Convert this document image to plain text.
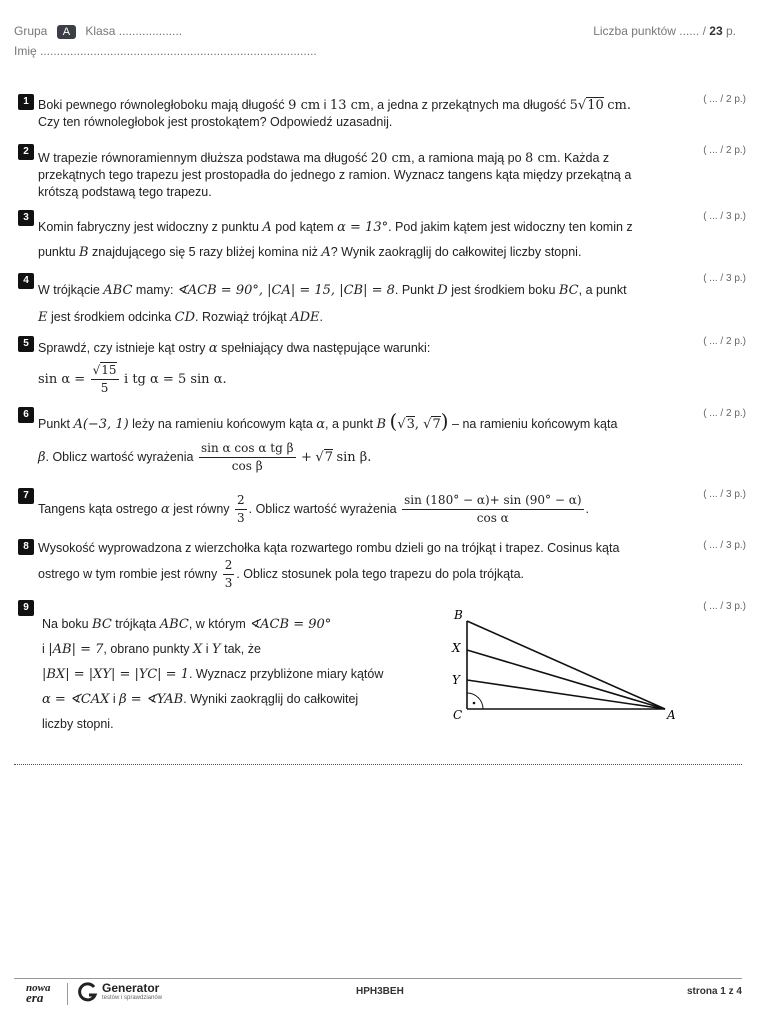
Grupa A Klasa ...................
Imię ...................................................................................
Liczba punktów ...... / 23 p.
1	( ... / 2 p.)
Boki pewnego równoległoboku mają długość 9 cm i 13 cm, a jedna z przekątnych ma długość 5√10 cm.
Czy ten równoległobok jest prostokątem? Odpowiedź uzasadnij.
2	( ... / 2 p.)
W trapezie równoramiennym dłuższa podstawa ma długość 20 cm, a ramiona mają po 8 cm. Każda z
przekątnych tego trapezu jest prostopadła do jednego z ramion. Wyznacz tangens kąta między przekątną a
krótszą podstawą tego trapezu.
3	( ... / 3 p.)
Komin fabryczny jest widoczny z punktu A pod kątem α = 13°. Pod jakim kątem jest widoczny ten komin z
punktu B znajdującego się 5 razy bliżej komina niż A? Wynik zaokrąglij do całkowitej liczby stopni.
4	( ... / 3 p.)
W trójkącie ABC mamy: ∢ACB = 90°, |CA| = 15, |CB| = 8. Punkt D jest środkiem boku BC, a punkt
E jest środkiem odcinka CD. Rozwiąż trójkąt ADE.
5	( ... / 2 p.)
Sprawdź, czy istnieje kąt ostry α spełniający dwa następujące warunki:
$\sin \alpha = \frac{√15}{5}$ i tg α = 5 sin α.
6	( ... / 2 p.)
Punkt A(−3, 1) leży na ramieniu końcowym kąta α, a punkt B (√3, √7) – na ramieniu końcowym kąta
β. Oblicz wartość wyrażenia $\frac{\text{sin α cos α tg β}}{\text{cos β}} + √7$ sin β.
7	( ... / 3 p.)
Tangens kąta ostrego α jest równy $\frac{2}{3}$ . Oblicz wartość wyrażenia $\frac{\sin (180^\circ - \alpha)+ \sin (90^\circ - \alpha)}{\text{cos α}}$ .
8	( ... / 3 p.)
Wysokość wyprowadzona z wierzchołka kąta rozwartego rombu dzieli go na trójkąt i trapez. Cosinus kąta
ostrego w tym rombie jest równy $\frac{2}{3}$ . Oblicz stosunek pola tego trapezu do pola trójkąta.
9	( ... / 3 p.)
Na boku BC trójkąta ABC, w którym ∢ACB = 90°
i |AB| = 7, obrano punkty X i Y tak, że
|BX| = |XY| = |YC| = 1. Wyznacz przybliżone miary kątów
α = ∢CAX i β = ∢YAB. Wyniki zaokrąglij do całkowitej
liczby stopni.
B
X
Y
C	A
nowa
era
Generator
testów i sprawdzianów
HPH3BEH	strona 1 z 4
